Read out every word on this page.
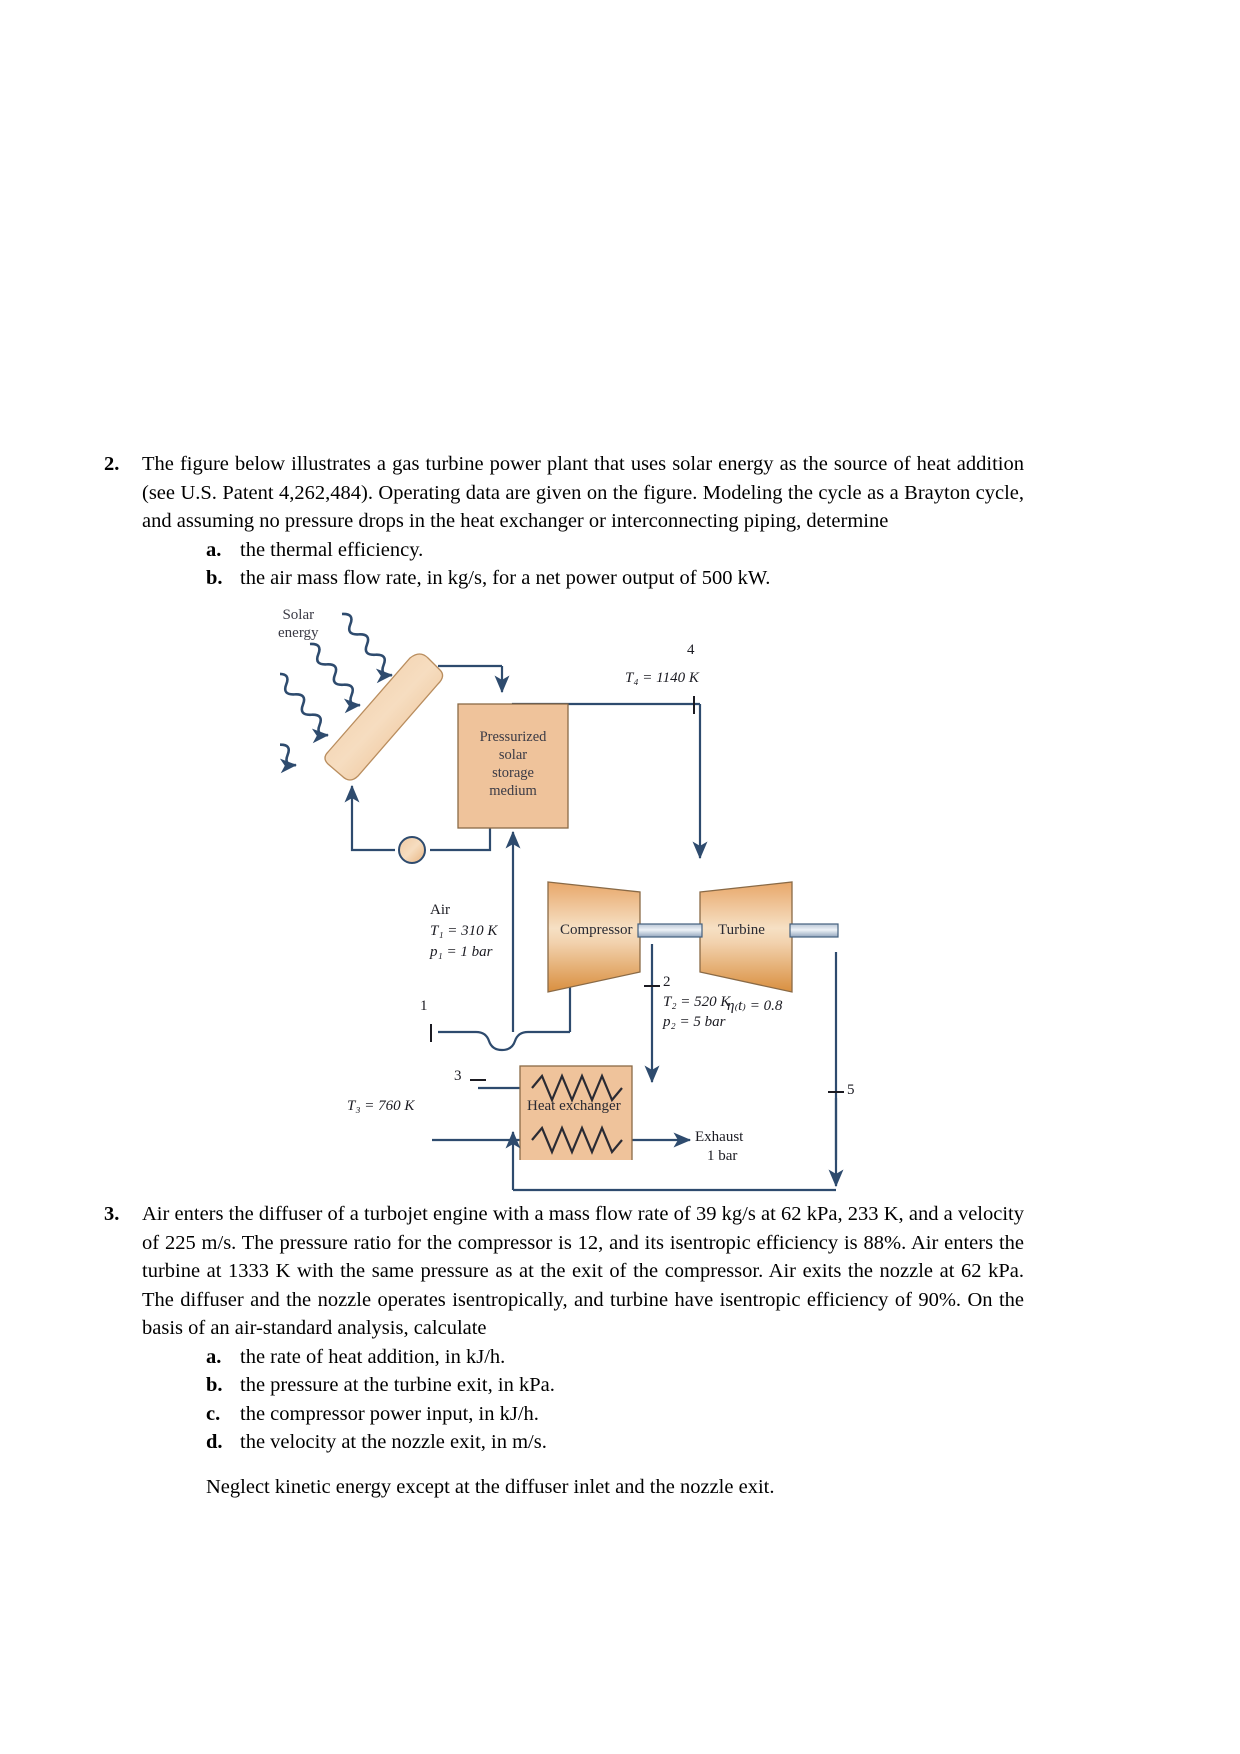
2.	The figure below illustrates a gas turbine power plant that uses solar energy as the source of heat addition (see U.S. Patent 4,262,484). Operating data are given on the figure. Modeling the cycle as a Brayton cycle, and assuming no pressure drops in the heat exchanger or interconnecting piping, determine

a. the thermal efficiency.
b. the air mass flow rate, in kg/s, for a net power output of 500 kW.
Solar
energy
Pressurized
solar
storage
medium
Compressor	Turbine
Heat exchanger
Exhaust
1 bar
Air
T₁ = 310 K
p₁ = 1 bar
1
2
T₂ = 520 K
p₂ = 5 bar
3
T₃ = 760 K
4
T₄ = 1140 K
5
η₍t₎ = 0.8
3.	Air enters the diffuser of a turbojet engine with a mass flow rate of 39 kg/s at 62 kPa, 233 K, and a velocity of 225 m/s. The pressure ratio for the compressor is 12, and its isentropic efficiency is 88%. Air enters the turbine at 1333 K with the same pressure as at the exit of the compressor. Air exits the nozzle at 62 kPa. The diffuser and the nozzle operates isentropically, and turbine have isentropic efficiency of 90%. On the basis of an air-standard analysis, calculate

a. the rate of heat addition, in kJ/h.
b. the pressure at the turbine exit, in kPa.
c. the compressor power input, in kJ/h.
d. the velocity at the nozzle exit, in m/s.
Neglect kinetic energy except at the diffuser inlet and the nozzle exit.
